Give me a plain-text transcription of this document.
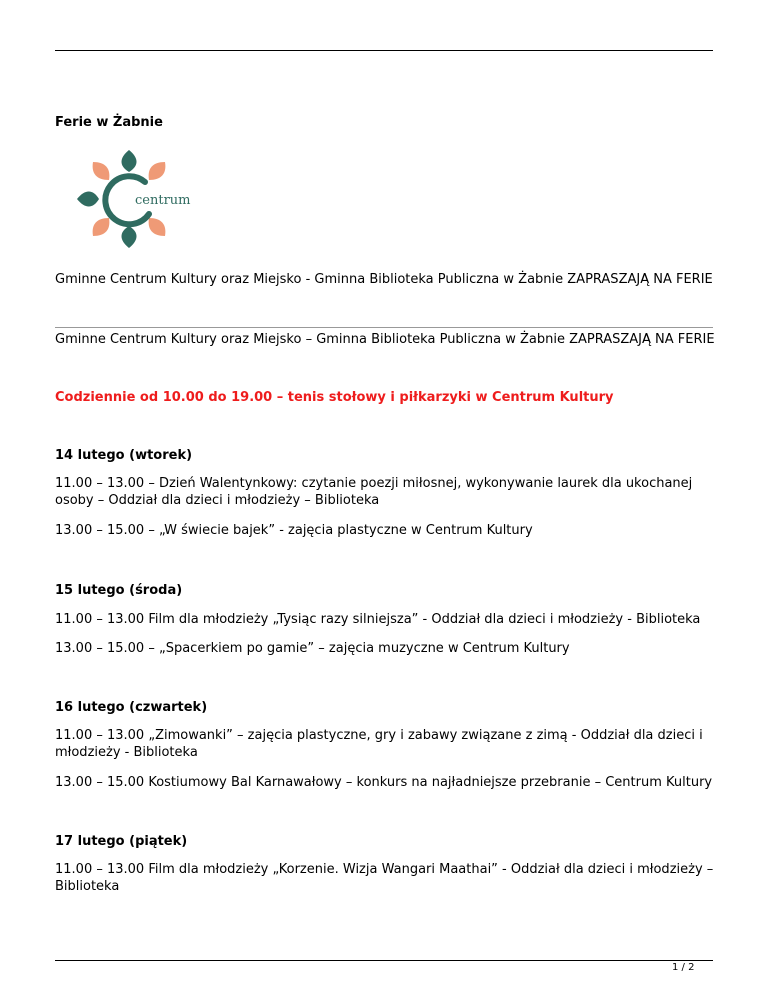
Ferie w Żabnie

Gminne Centrum Kultury oraz Miejsko - Gminna Biblioteka Publiczna w Żabnie ZAPRASZAJĄ NA FERIE

Gminne Centrum Kultury oraz Miejsko – Gminna Biblioteka Publiczna w Żabnie ZAPRASZAJĄ NA FERIE

Codziennie od 10.00 do 19.00 – tenis stołowy i piłkarzyki w Centrum Kultury

14 lutego (wtorek)

11.00 – 13.00 – Dzień Walentynkowy: czytanie poezji miłosnej, wykonywanie laurek dla ukochanej osoby – Oddział dla dzieci i młodzieży – Biblioteka

13.00 – 15.00 – „W świecie bajek” - zajęcia plastyczne w Centrum Kultury

15 lutego (środa)

11.00 – 13.00 Film dla młodzieży „Tysiąc razy silniejsza” - Oddział dla dzieci i młodzieży - Biblioteka

13.00 – 15.00 – „Spacerkiem po gamie” – zajęcia muzyczne w Centrum Kultury

16 lutego (czwartek)

11.00 – 13.00 „Zimowanki” – zajęcia plastyczne, gry i zabawy związane z zimą - Oddział dla dzieci i młodzieży - Biblioteka

13.00 – 15.00 Kostiumowy Bal Karnawałowy – konkurs na najładniejsze przebranie – Centrum Kultury

17 lutego (piątek)

11.00 – 13.00 Film dla młodzieży „Korzenie. Wizja Wangari Maathai” - Oddział dla dzieci i młodzieży – Biblioteka

centrum
1 / 2
